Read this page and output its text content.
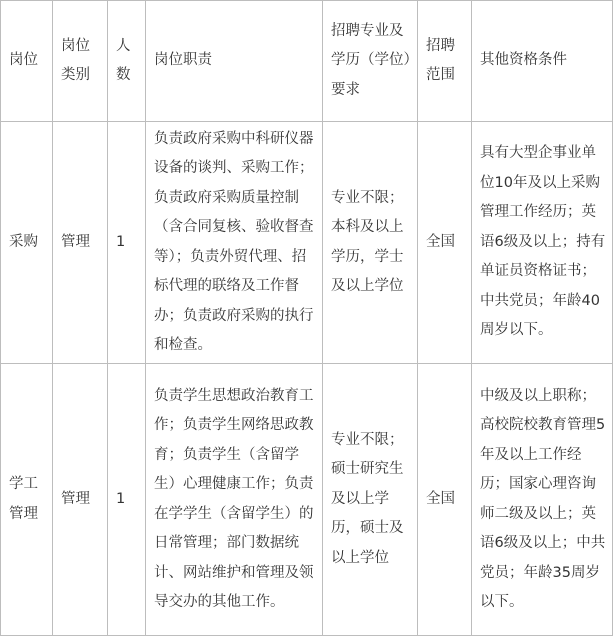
岗位	岗位类别	人数	岗位职责	招聘专业及学历（学位）要求	招聘范围	其他资格条件
采购	管理	1	负责政府采购中科研仪器设备的谈判、采购工作；负责政府采购质量控制（含合同复核、验收督查等）；负责外贸代理、招标代理的联络及工作督办；负责政府采购的执行和检查。	专业不限；本科及以上学历，学士及以上学位	全国	具有大型企事业单位10年及以上采购管理工作经历；英语6级及以上；持有单证员资格证书；中共党员；年龄40周岁以下。
学工管理	管理	1	负责学生思想政治教育工作；负责学生网络思政教育；负责学生（含留学生）心理健康工作；负责在学学生（含留学生）的日常管理；部门数据统计、网站维护和管理及领导交办的其他工作。	专业不限；硕士研究生及以上学历，硕士及以上学位	全国	中级及以上职称；高校院校教育管理5年及以上工作经历；国家心理咨询师二级及以上；英语6级及以上；中共党员；年龄35周岁以下。
